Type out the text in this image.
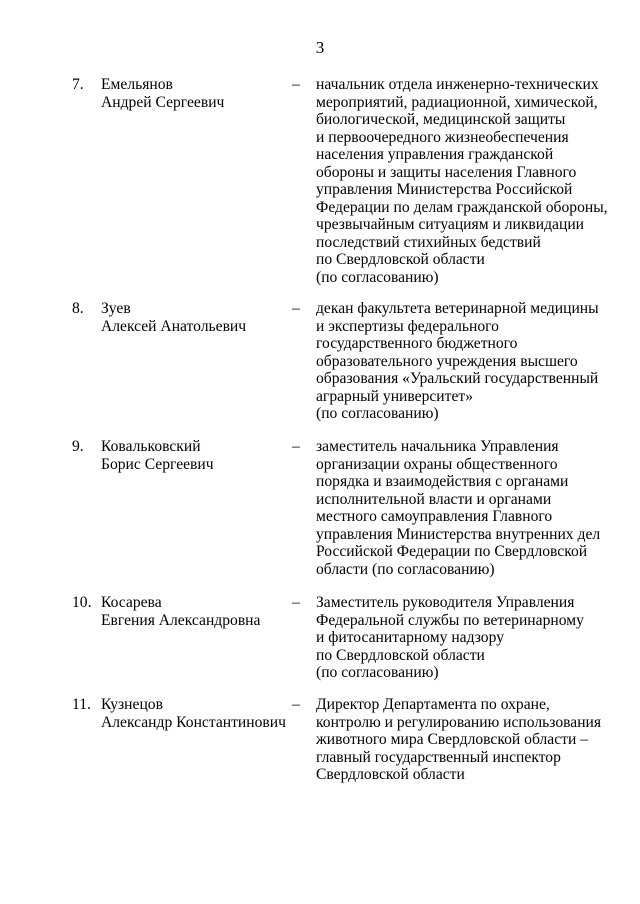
3
7. Емельянов
Андрей Сергеевич
– начальник отдела инженерно-технических
мероприятий, радиационной, химической,
биологической, медицинской защиты
и первоочередного жизнеобеспечения
населения управления гражданской
обороны и защиты населения Главного
управления Министерства Российской
Федерации по делам гражданской обороны,
чрезвычайным ситуациям и ликвидации
последствий стихийных бедствий
по Свердловской области
(по согласованию)
8. Зуев
Алексей Анатольевич
– декан факультета ветеринарной медицины
и экспертизы федерального
государственного бюджетного
образовательного учреждения высшего
образования «Уральский государственный
аграрный университет»
(по согласованию)
9. Ковальковский
Борис Сергеевич
– заместитель начальника Управления
организации охраны общественного
порядка и взаимодействия с органами
исполнительной власти и органами
местного самоуправления Главного
управления Министерства внутренних дел
Российской Федерации по Свердловской
области (по согласованию)
10. Косарева
Евгения Александровна
– Заместитель руководителя Управления
Федеральной службы по ветеринарному
и фитосанитарному надзору
по Свердловской области
(по согласованию)
11. Кузнецов
Александр Константинович
– Директор Департамента по охране,
контролю и регулированию использования
животного мира Свердловской области –
главный государственный инспектор
Свердловской области
